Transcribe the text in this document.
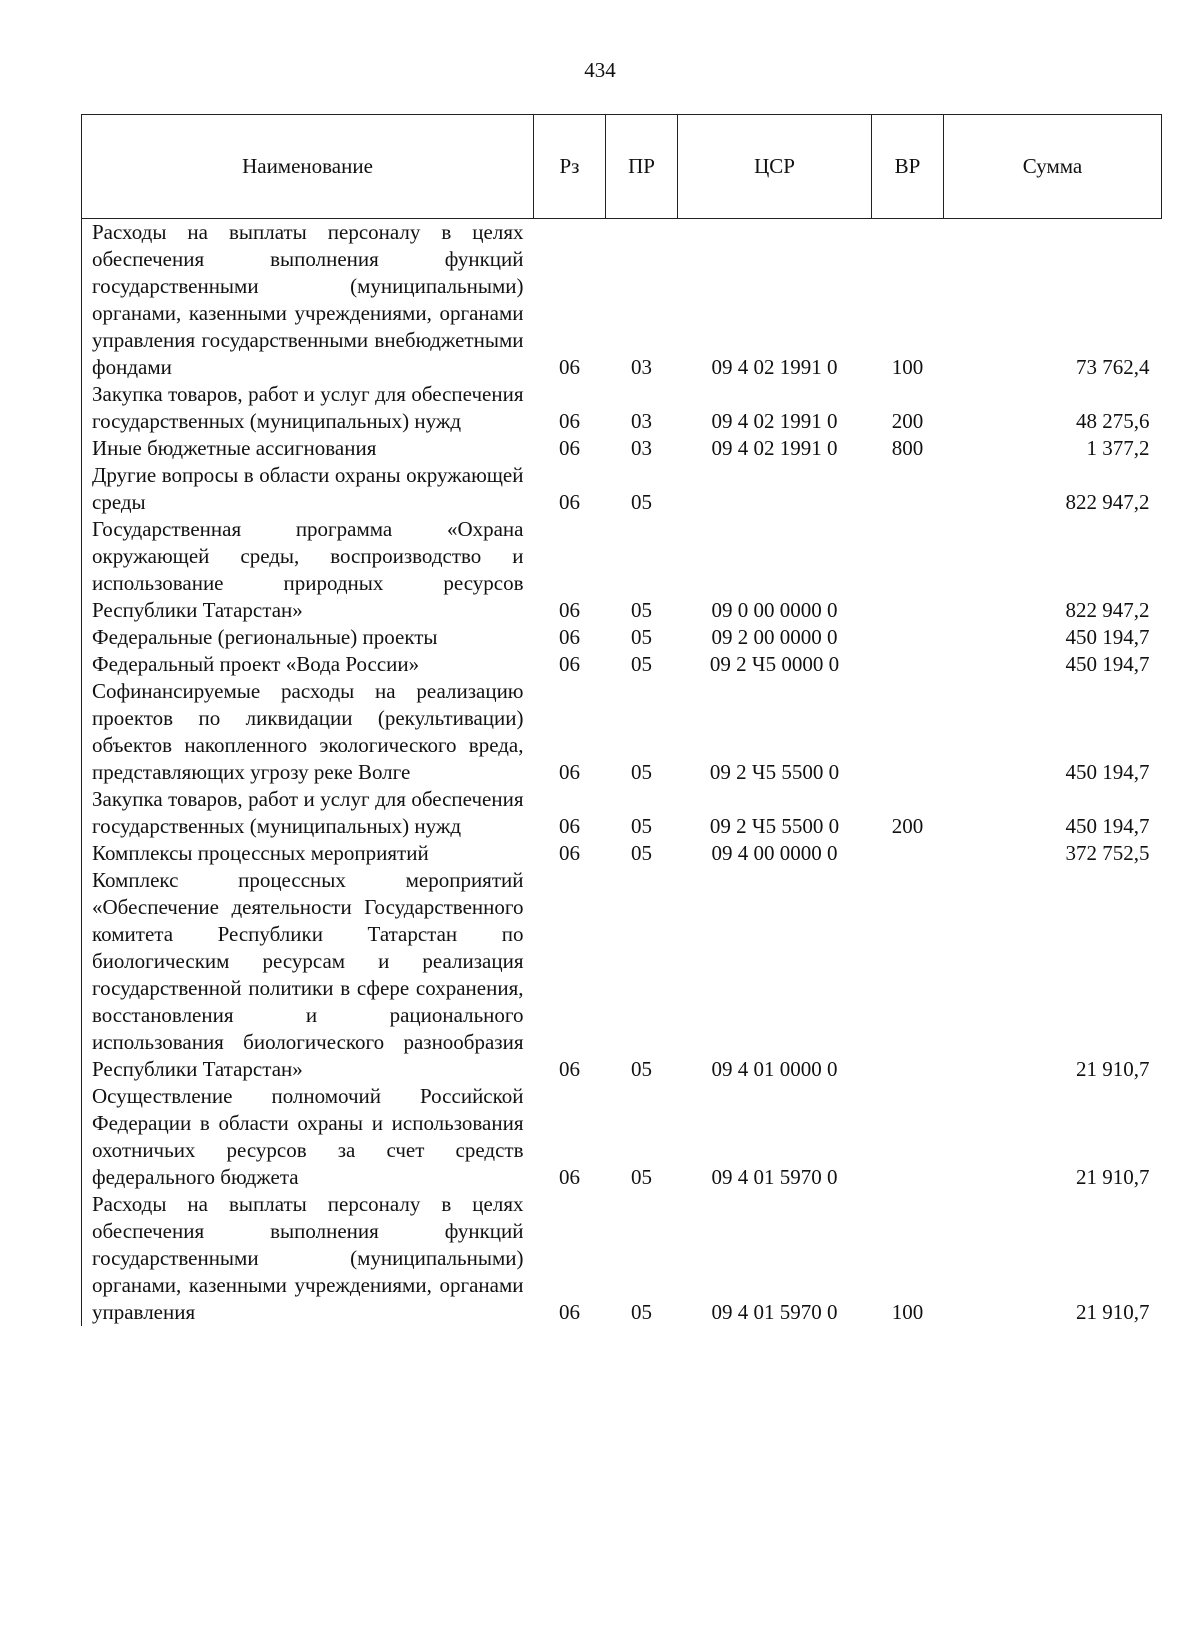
434
Наименование	Рз	ПР	ЦСР	ВР	Сумма
Расходы на выплаты персоналу в целях обеспечения выполнения функций государственными (муниципальными) органами, казенными учреждениями, органами управления государственными внебюджетными фондами	06	03	09 4 02 1991 0	100	73 762,4
Закупка товаров, работ и услуг для обеспечения государственных (муниципальных) нужд	06	03	09 4 02 1991 0	200	48 275,6
Иные бюджетные ассигнования	06	03	09 4 02 1991 0	800	1 377,2
Другие вопросы в области охраны окружающей среды	06	05			822 947,2
Государственная программа «Охрана окружающей среды, воспроизводство и использование природных ресурсов Республики Татарстан»	06	05	09 0 00 0000 0		822 947,2
Федеральные (региональные) проекты	06	05	09 2 00 0000 0		450 194,7
Федеральный проект «Вода России»	06	05	09 2 Ч5 0000 0		450 194,7
Софинансируемые расходы на реализацию проектов по ликвидации (рекультивации) объектов накопленного экологического вреда, представляющих угрозу реке Волге	06	05	09 2 Ч5 5500 0		450 194,7
Закупка товаров, работ и услуг для обеспечения государственных (муниципальных) нужд	06	05	09 2 Ч5 5500 0	200	450 194,7
Комплексы процессных мероприятий	06	05	09 4 00 0000 0		372 752,5
Комплекс процессных мероприятий «Обеспечение деятельности Государственного комитета Республики Татарстан по биологическим ресурсам и реализация государственной политики в сфере сохранения, восстановления и рационального использования биологического разнообразия Республики Татарстан»	06	05	09 4 01 0000 0		21 910,7
Осуществление полномочий Российской Федерации в области охраны и использования охотничьих ресурсов за счет средств федерального бюджета	06	05	09 4 01 5970 0		21 910,7
Расходы на выплаты персоналу в целях обеспечения выполнения функций государственными (муниципальными) органами, казенными учреждениями, органами управления	06	05	09 4 01 5970 0	100	21 910,7
